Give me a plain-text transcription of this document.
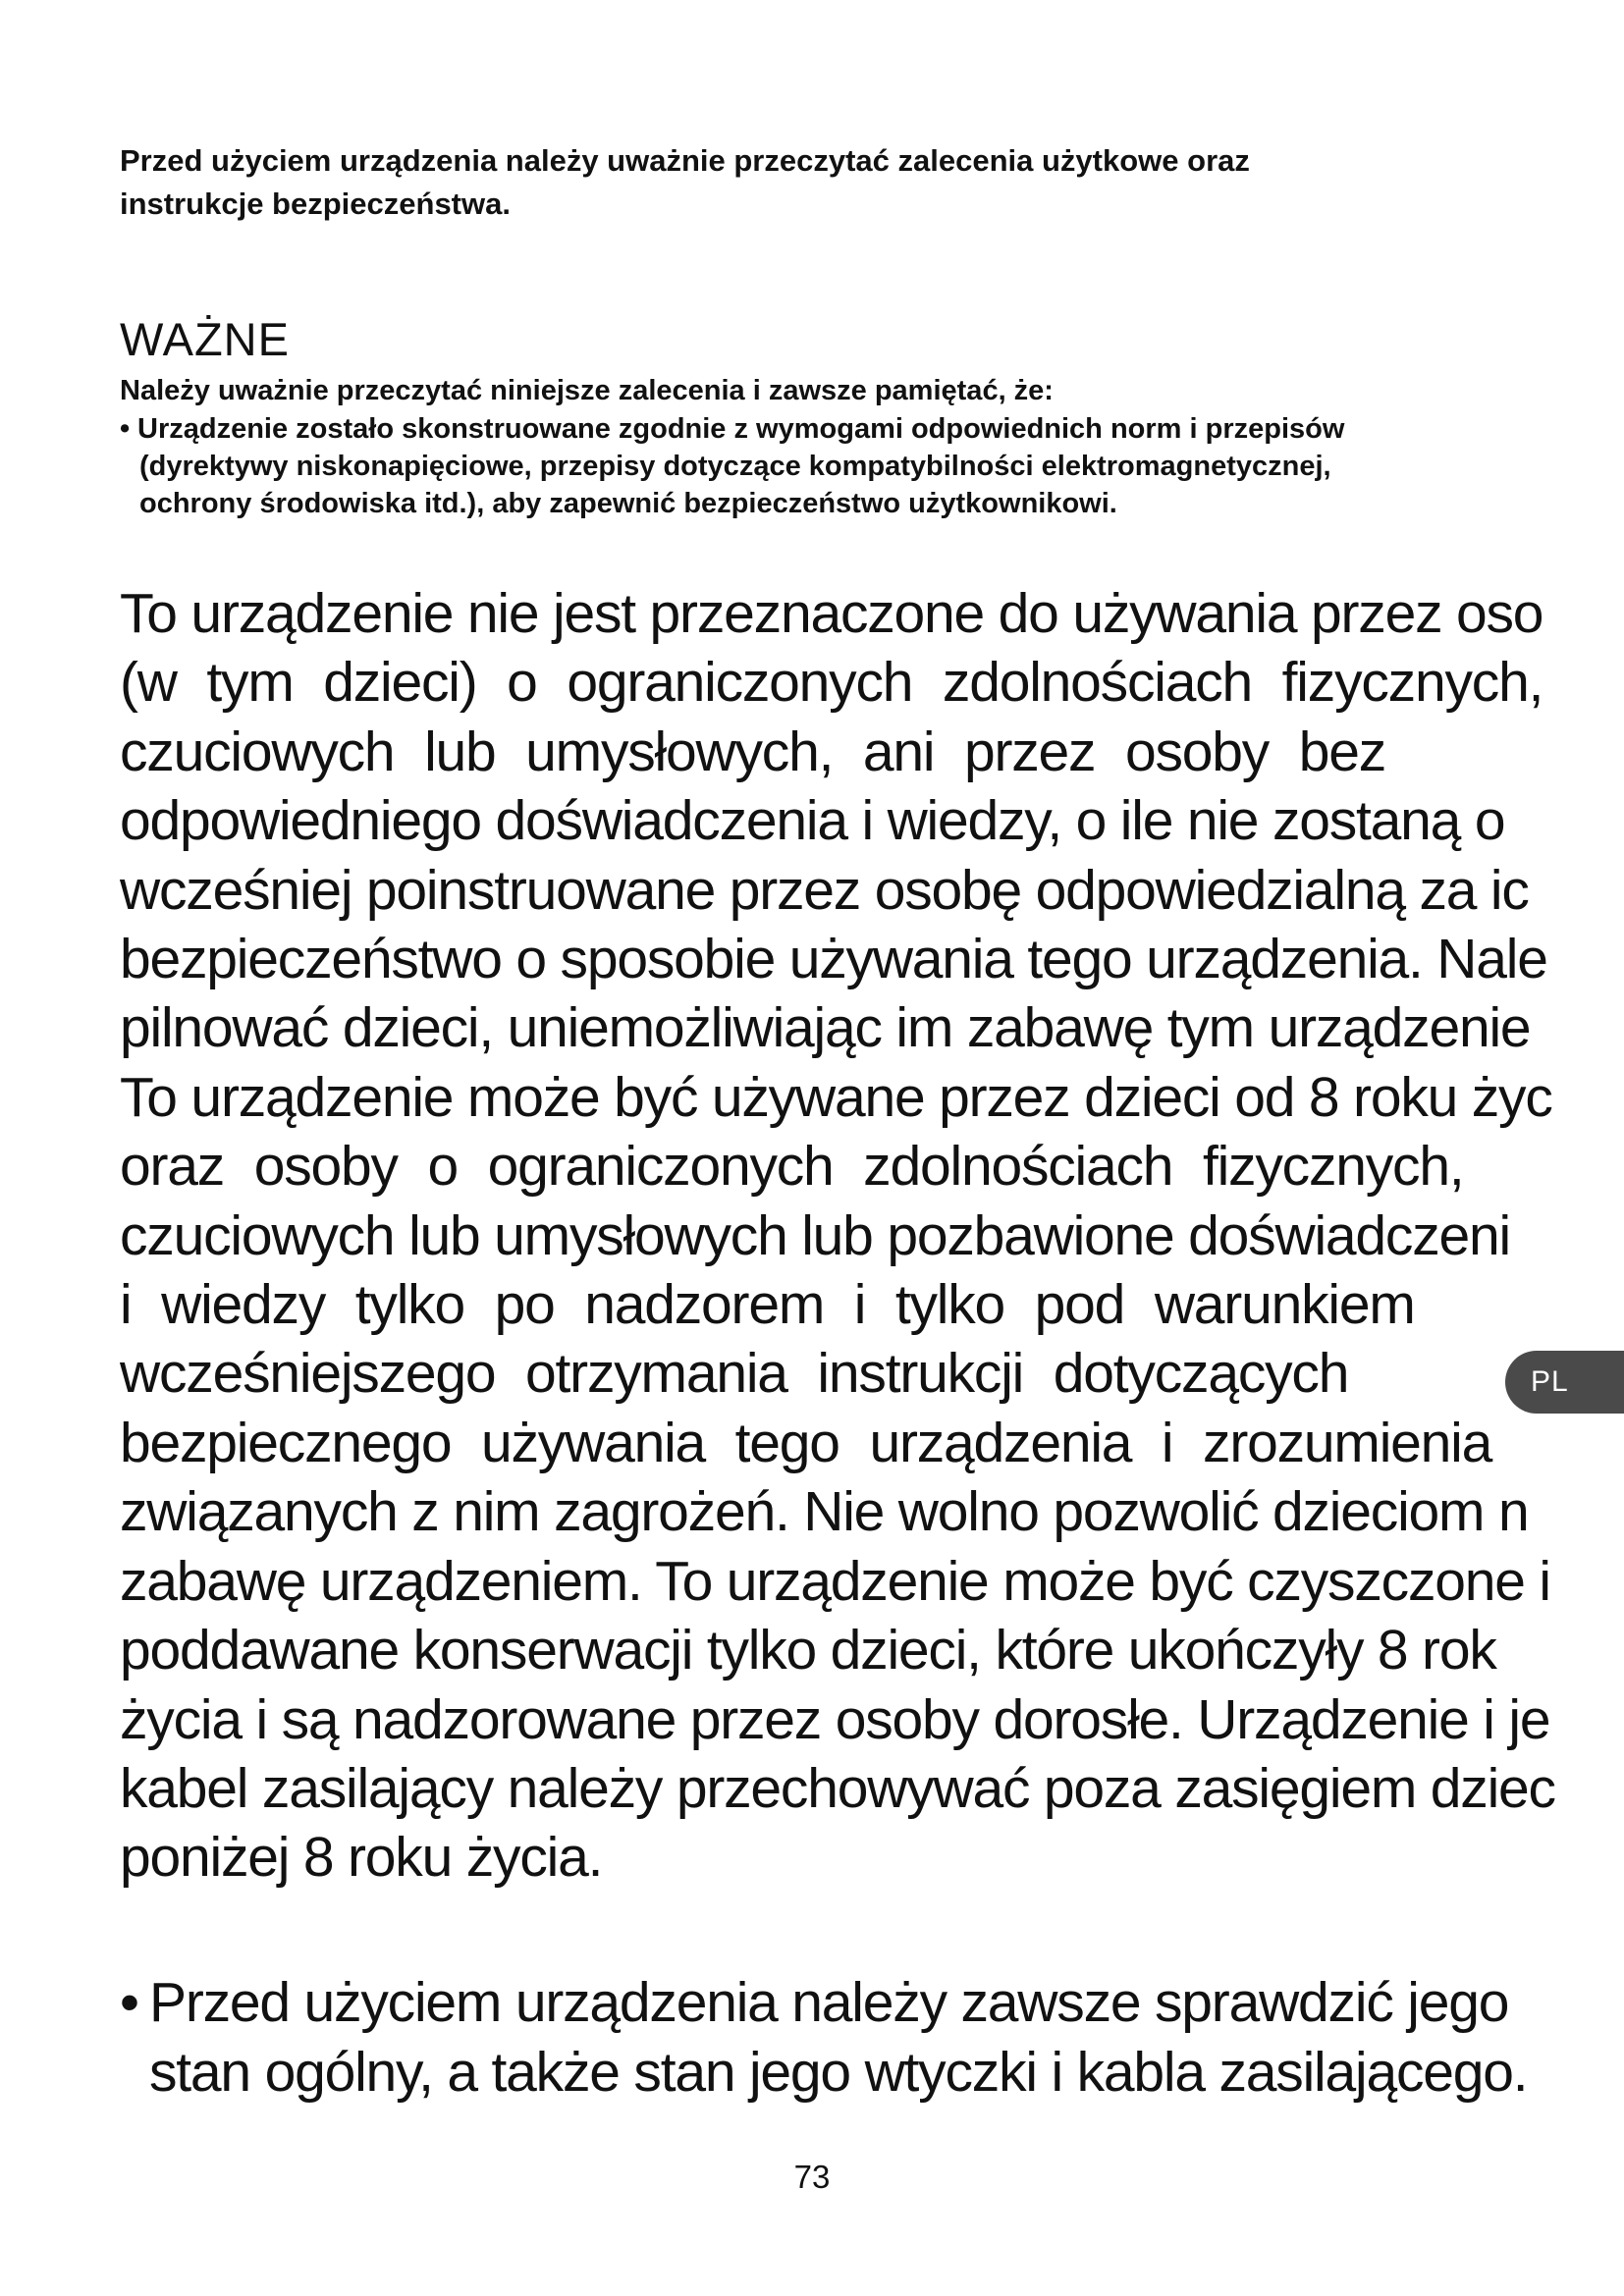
Przed użyciem urządzenia należy uważnie przeczytać zalecenia użytkowe oraz
instrukcje bezpieczeństwa.
WAŻNE

Należy uważnie przeczytać niniejsze zalecenia i zawsze pamiętać, że:

• Urządzenie zostało skonstruowane zgodnie z wymogami odpowiednich norm i przepisów
(dyrektywy niskonapięciowe, przepisy dotyczące kompatybilności elektromagnetycznej,
ochrony środowiska itd.), aby zapewnić bezpieczeństwo użytkownikowi.
To urządzenie nie jest przeznaczone do używania przez oso
(w tym dzieci) o ograniczonych zdolnościach fizycznych,
czuciowych lub umysłowych, ani przez osoby bez
odpowiedniego doświadczenia i wiedzy, o ile nie zostaną o
wcześniej poinstruowane przez osobę odpowiedzialną za ic
bezpieczeństwo o sposobie używania tego urządzenia. Nale
pilnować dzieci, uniemożliwiając im zabawę tym urządzenie
To urządzenie może być używane przez dzieci od 8 roku życ
oraz osoby o ograniczonych zdolnościach fizycznych,
czuciowych lub umysłowych lub pozbawione doświadczeni
i wiedzy tylko po nadzorem i tylko pod warunkiem
wcześniejszego otrzymania instrukcji dotyczących
bezpiecznego używania tego urządzenia i zrozumienia
związanych z nim zagrożeń. Nie wolno pozwolić dzieciom n
zabawę urządzeniem. To urządzenie może być czyszczone i
poddawane konserwacji tylko dzieci, które ukończyły 8 rok
życia i są nadzorowane przez osoby dorosłe. Urządzenie i je
kabel zasilający należy przechowywać poza zasięgiem dziec
poniżej 8 roku życia.
PL
• Przed użyciem urządzenia należy zawsze sprawdzić jego
stan ogólny, a także stan jego wtyczki i kabla zasilającego.
73
